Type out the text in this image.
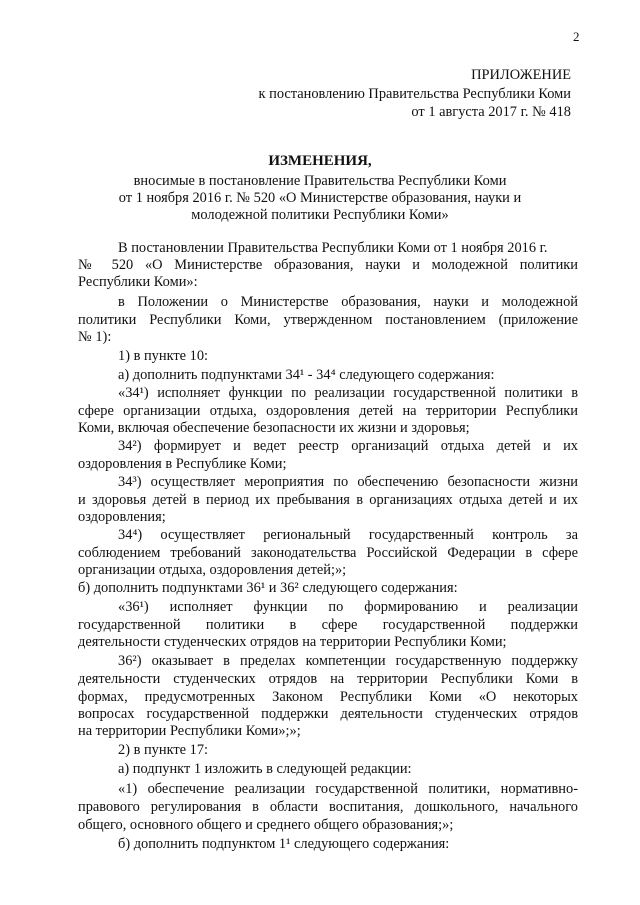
2
ПРИЛОЖЕНИЕ
к постановлению Правительства Республики Коми
от 1 августа 2017 г. № 418
ИЗМЕНЕНИЯ,
вносимые в постановление Правительства Республики Коми
от 1 ноября 2016 г. № 520 «О Министерстве образования, науки и
молодежной политики Республики Коми»
В постановлении Правительства Республики Коми от 1 ноября 2016 г.
№ 520 «О Министерстве образования, науки и молодежной политики
Республики Коми»:
в Положении о Министерстве образования, науки и молодежной
политики Республики Коми, утвержденном постановлением (приложение
№ 1):
1) в пункте 10:
а) дополнить подпунктами 34¹ - 34⁴ следующего содержания:
«34¹) исполняет функции по реализации государственной политики в
сфере организации отдыха, оздоровления детей на территории Республики
Коми, включая обеспечение безопасности их жизни и здоровья;
34²) формирует и ведет реестр организаций отдыха детей и их
оздоровления в Республике Коми;
34³) осуществляет мероприятия по обеспечению безопасности жизни
и здоровья детей в период их пребывания в организациях отдыха детей и их
оздоровления;
34⁴) осуществляет региональный государственный контроль за
соблюдением требований законодательства Российской Федерации в сфере
организации отдыха, оздоровления детей;»;
б) дополнить подпунктами 36¹ и 36² следующего содержания:
«36¹) исполняет функции по формированию и реализации
государственной политики в сфере государственной поддержки
деятельности студенческих отрядов на территории Республики Коми;
36²) оказывает в пределах компетенции государственную поддержку
деятельности студенческих отрядов на территории Республики Коми в
формах, предусмотренных Законом Республики Коми «О некоторых
вопросах государственной поддержки деятельности студенческих отрядов
на территории Республики Коми»;»;
2) в пункте 17:
а) подпункт 1 изложить в следующей редакции:
«1) обеспечение реализации государственной политики, нормативно-
правового регулирования в области воспитания, дошкольного, начального
общего, основного общего и среднего общего образования;»;
б) дополнить подпунктом 1¹ следующего содержания:
